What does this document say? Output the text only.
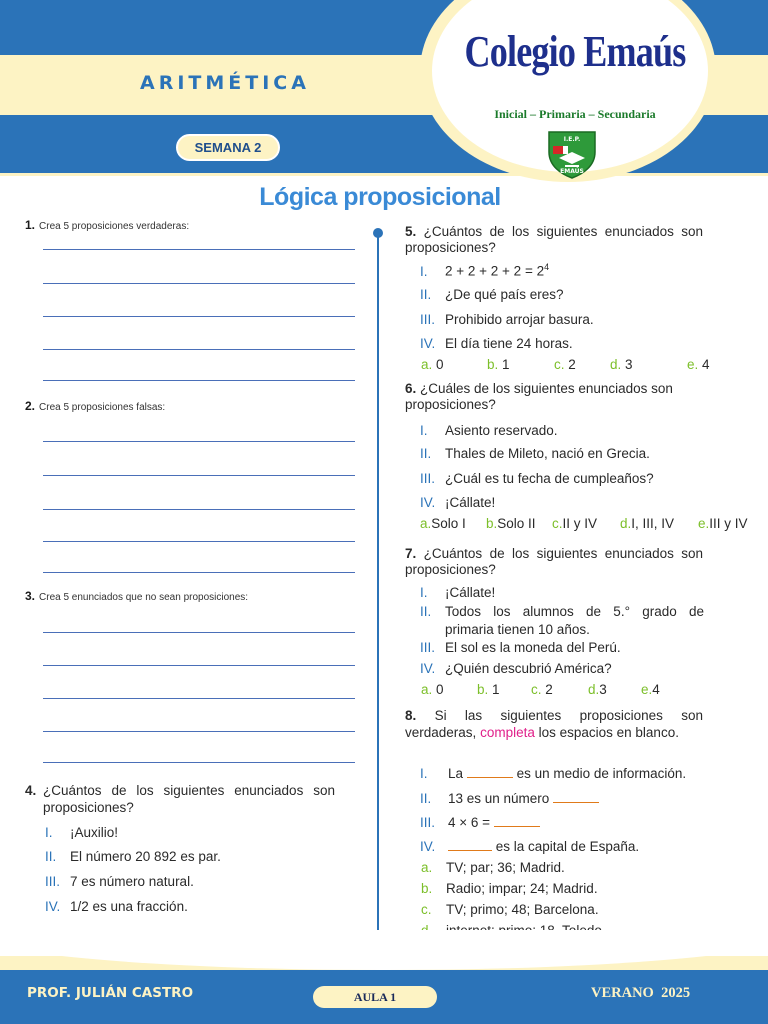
ARITMÉTICA
SEMANA 2
Colegio Emaús
Inicial – Primaria – Secundaria
I.E.P.
EMAÚS
Lógica proposicional
1. Crea 5 proposiciones verdaderas:
2. Crea 5 proposiciones falsas:
3. Crea 5 enunciados que no sean proposiciones:
4. ¿Cuántos de los siguientes enunciados son proposiciones?
I. ¡Auxilio!
II. El número 20 892 es par.
III. 7 es número natural.
IV. 1/2 es una fracción.
5. ¿Cuántos de los siguientes enunciados son proposiciones?
I. $2 + 2 + 2 + 2 = 2^4$
II. ¿De qué país eres?
III. Prohibido arrojar basura.
IV. El día tiene 24 horas.
a. 0	b. 1	c. 2	d. 3	e. 4
6. ¿Cuáles de los siguientes enunciados son proposiciones?
I. Asiento reservado.
II. Thales de Mileto, nació en Grecia.
III. ¿Cuál es tu fecha de cumpleaños?
IV. ¡Cállate!
a.Solo I b.Solo II c.II y IV d.I, III, IV e.III y IV
7. ¿Cuántos de los siguientes enunciados son proposiciones?
I. ¡Cállate!
II.	Todos los alumnos de 5.° grado de primaria tienen 10 años.
III. El sol es la moneda del Perú.
IV. ¿Quién descubrió América?
a. 0 b. 1 c. 2	d.3	e.4
8. Si las siguientes proposiciones son verdaderas, completa los espacios en blanco.
I. La	es un medio de información.
II. 13 es un número
III. 4 × 6 =
IV.	es la capital de España.
a. TV; par; 36; Madrid.
b. Radio; impar; 24; Madrid.
c. TV; primo; 48; Barcelona.
PROF. JULIÁN CASTRO	AULA 1	VERANO  2025
